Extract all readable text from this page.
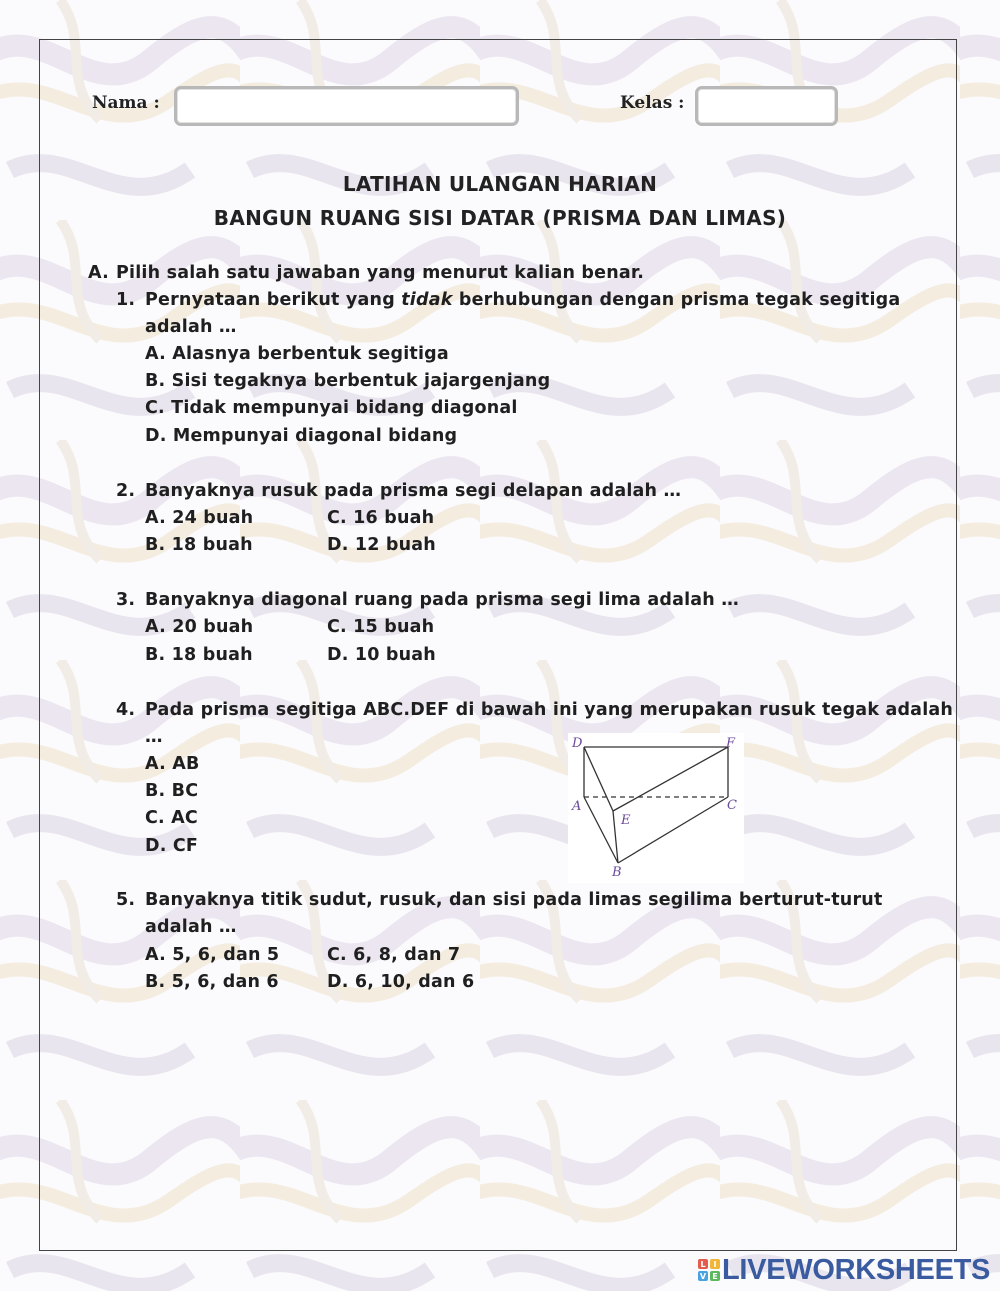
Nama :	Kelas :
LATIHAN ULANGAN HARIAN
BANGUN RUANG SISI DATAR (PRISMA DAN LIMAS)
A. Pilih salah satu jawaban yang menurut kalian benar.
1. Pernyataan berikut yang tidak berhubungan dengan prisma tegak segitiga
adalah …
A. Alasnya berbentuk segitiga
B. Sisi tegaknya berbentuk jajargenjang
C. Tidak mempunyai bidang diagonal
D. Mempunyai diagonal bidang
2. Banyaknya rusuk pada prisma segi delapan adalah …
A. 24 buah	C. 16 buah
B. 18 buah	D. 12 buah
3. Banyaknya diagonal ruang pada prisma segi lima adalah …
A. 20 buah	C. 15 buah
B. 18 buah	D. 10 buah
4. Pada prisma segitiga ABC.DEF di bawah ini yang merupakan rusuk tegak adalah
…
A. AB
B. BC
C. AC
D. CF
D	F
A	C
E
B
5. Banyaknya titik sudut, rusuk, dan sisi pada limas segilima berturut-turut
adalah …
A. 5, 6, dan 5	C. 6, 8, dan 7
B. 5, 6, dan 6	D. 6, 10, dan 6
L I
V E LIVEWORKSHEETS
